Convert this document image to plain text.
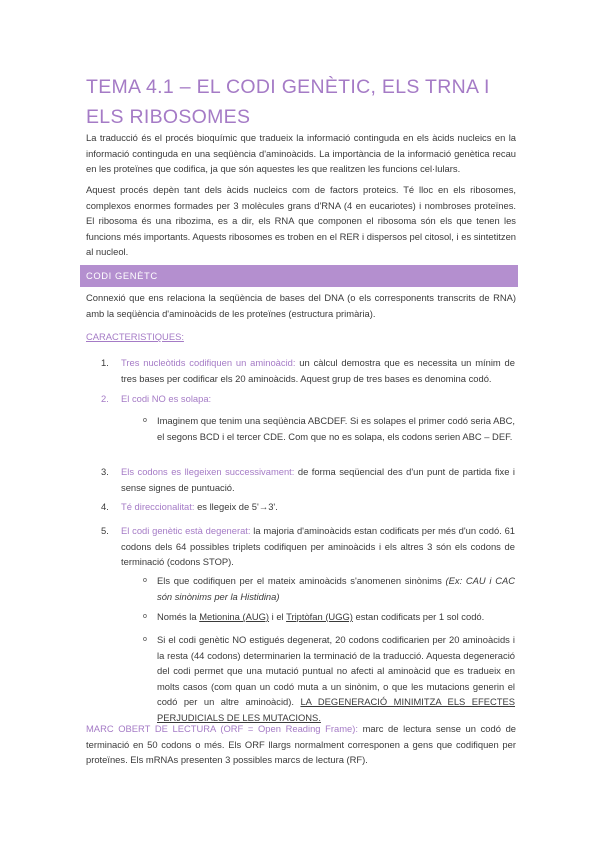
TEMA 4.1 – EL CODI GENÈTIC, ELS TRNA I ELS RIBOSOMES

La traducció és el procés bioquímic que tradueix la informació continguda en els àcids nucleics en la informació continguda en una seqüència d'aminoàcids. La importància de la informació genètica recau en les proteïnes que codifica, ja que són aquestes les que realitzen les funcions cel·lulars.

Aquest procés depèn tant dels àcids nucleics com de factors proteics. Té lloc en els ribosomes, complexos enormes formades per 3 molècules grans d'RNA (4 en eucariotes) i nombroses proteïnes. El ribosoma és una ribozima, es a dir, els RNA que componen el ribosoma són els que tenen les funcions més importants. Aquests ribosomes es troben en el RER i dispersos pel citosol, i es sintetitzen al nucleol.

CODI GENÈTC

Connexió que ens relaciona la seqüència de bases del DNA (o els corresponents transcrits de RNA) amb la seqüència d'aminoàcids de les proteïnes (estructura primària).

CARACTERISTIQUES:
1. Tres nucleòtids codifiquen un aminoàcid: un càlcul demostra que es necessita un mínim de tres bases per codificar els 20 aminoàcids. Aquest grup de tres bases es denomina codó.

2. El codi NO es solapa:

o Imaginem que tenim una seqüència ABCDEF. Si es solapes el primer codó seria ABC, el segons BCD i el tercer CDE. Com que no es solapa, els codons serien ABC – DEF.

3. Els codons es llegeixen successivament: de forma seqüencial des d'un punt de partida fixe i sense signes de puntuació.

4. Té direccionalitat: es llegeix de 5'→3'.

5. El codi genètic està degenerat: la majoria d'aminoàcids estan codificats per més d'un codó. 61 codons dels 64 possibles triplets codifiquen per aminoàcids i els altres 3 són els codons de terminació (codons STOP).

o Els que codifiquen per el mateix aminoàcids s'anomenen sinònims (Ex: CAU i CAC són sinònims per la Histidina)

o Només la Metionina (AUG) i el Triptòfan (UGG) estan codificats per 1 sol codó.

o Si el codi genètic NO estigués degenerat, 20 codons codificarien per 20 aminoàcids i la resta (44 codons) determinarien la terminació de la traducció. Aquesta degeneració del codi permet que una mutació puntual no afecti al aminoàcid que es tradueix en molts casos (com quan un codó muta a un sinònim, o que les mutacions generin el codó per un altre aminoàcid). LA DEGENERACIÓ MINIMITZA ELS EFECTES PERJUDICIALS DE LES MUTACIONS.

MARC OBERT DE LECTURA (ORF = Open Reading Frame): marc de lectura sense un codó de terminació en 50 codons o més. Els ORF llargs normalment corresponen a gens que codifiquen per proteïnes. Els mRNAs presenten 3 possibles marcs de lectura (RF).
